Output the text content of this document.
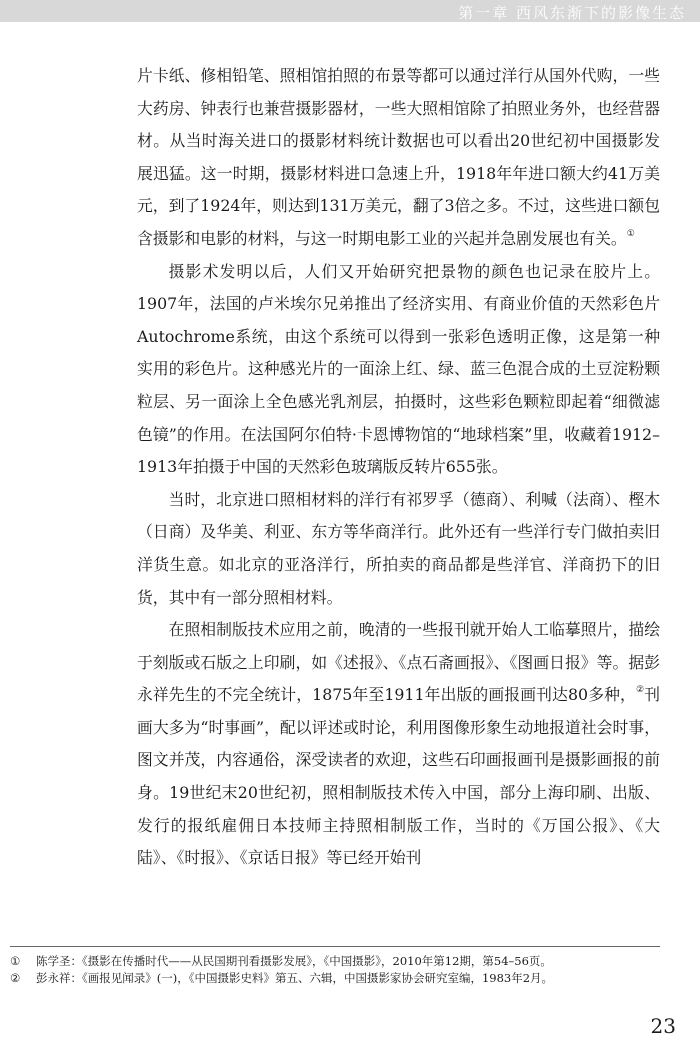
第一章 西风东渐下的影像生态

片卡纸、修相铅笔、照相馆拍照的布景等都可以通过洋行从国外代购，一些大药房、钟表行也兼营摄影器材，一些大照相馆除了拍照业务外，也经营器材。从当时海关进口的摄影材料统计数据也可以看出20世纪初中国摄影发展迅猛。这一时期，摄影材料进口急速上升，1918年年进口额大约41万美元，到了1924年，则达到131万美元，翻了3倍之多。不过，这些进口额包含摄影和电影的材料，与这一时期电影工业的兴起并急剧发展也有关。①

摄影术发明以后，人们又开始研究把景物的颜色也记录在胶片上。1907年，法国的卢米埃尔兄弟推出了经济实用、有商业价值的天然彩色片Autochrome系统，由这个系统可以得到一张彩色透明正像，这是第一种实用的彩色片。这种感光片的一面涂上红、绿、蓝三色混合成的土豆淀粉颗粒层、另一面涂上全色感光乳剂层，拍摄时，这些彩色颗粒即起着“细微滤色镜”的作用。在法国阿尔伯特·卡恩博物馆的“地球档案”里，收藏着1912–1913年拍摄于中国的天然彩色玻璃版反转片655张。

当时，北京进口照相材料的洋行有祁罗孚（德商）、利喊（法商）、樫木（日商）及华美、利亚、东方等华商洋行。此外还有一些洋行专门做拍卖旧洋货生意。如北京的亚洛洋行，所拍卖的商品都是些洋官、洋商扔下的旧货，其中有一部分照相材料。

在照相制版技术应用之前，晚清的一些报刊就开始人工临摹照片，描绘于刻版或石版之上印刷，如《述报》、《点石斋画报》、《图画日报》等。据彭永祥先生的不完全统计，1875年至1911年出版的画报画刊达80多种，②刊画大多为“时事画”，配以评述或时论，利用图像形象生动地报道社会时事，图文并茂，内容通俗，深受读者的欢迎，这些石印画报画刊是摄影画报的前身。19世纪末20世纪初，照相制版技术传入中国，部分上海印刷、出版、发行的报纸雇佣日本技师主持照相制版工作，当时的《万国公报》、《大陆》、《时报》、《京话日报》等已经开始刊

①	陈学圣：《摄影在传播时代——从民国期刊看摄影发展》，《中国摄影》，2010年第12期，第54–56页。
②	彭永祥：《画报见闻录》(一)，《中国摄影史料》第五、六辑，中国摄影家协会研究室编，1983年2月。
23
